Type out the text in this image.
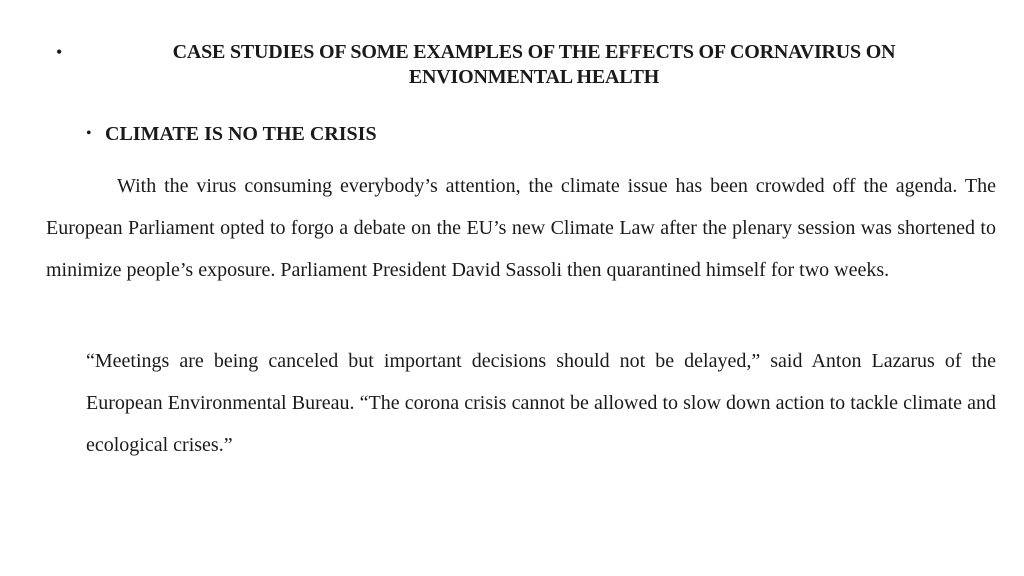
•	CASE STUDIES OF SOME EXAMPLES OF THE EFFECTS OF CORNAVIRUS ON ENVIONMENTAL HEALTH
• CLIMATE IS NO THE CRISIS

With the virus consuming everybody’s attention, the climate issue has been crowded off the agenda. The European Parliament opted to forgo a debate on the EU’s new Climate Law after the plenary session was shortened to minimize people’s exposure. Parliament President David Sassoli then quarantined himself for two weeks.

“Meetings are being canceled but important decisions should not be delayed,” said Anton Lazarus of the European Environmental Bureau. “The corona crisis cannot be allowed to slow down action to tackle climate and ecological crises.”
